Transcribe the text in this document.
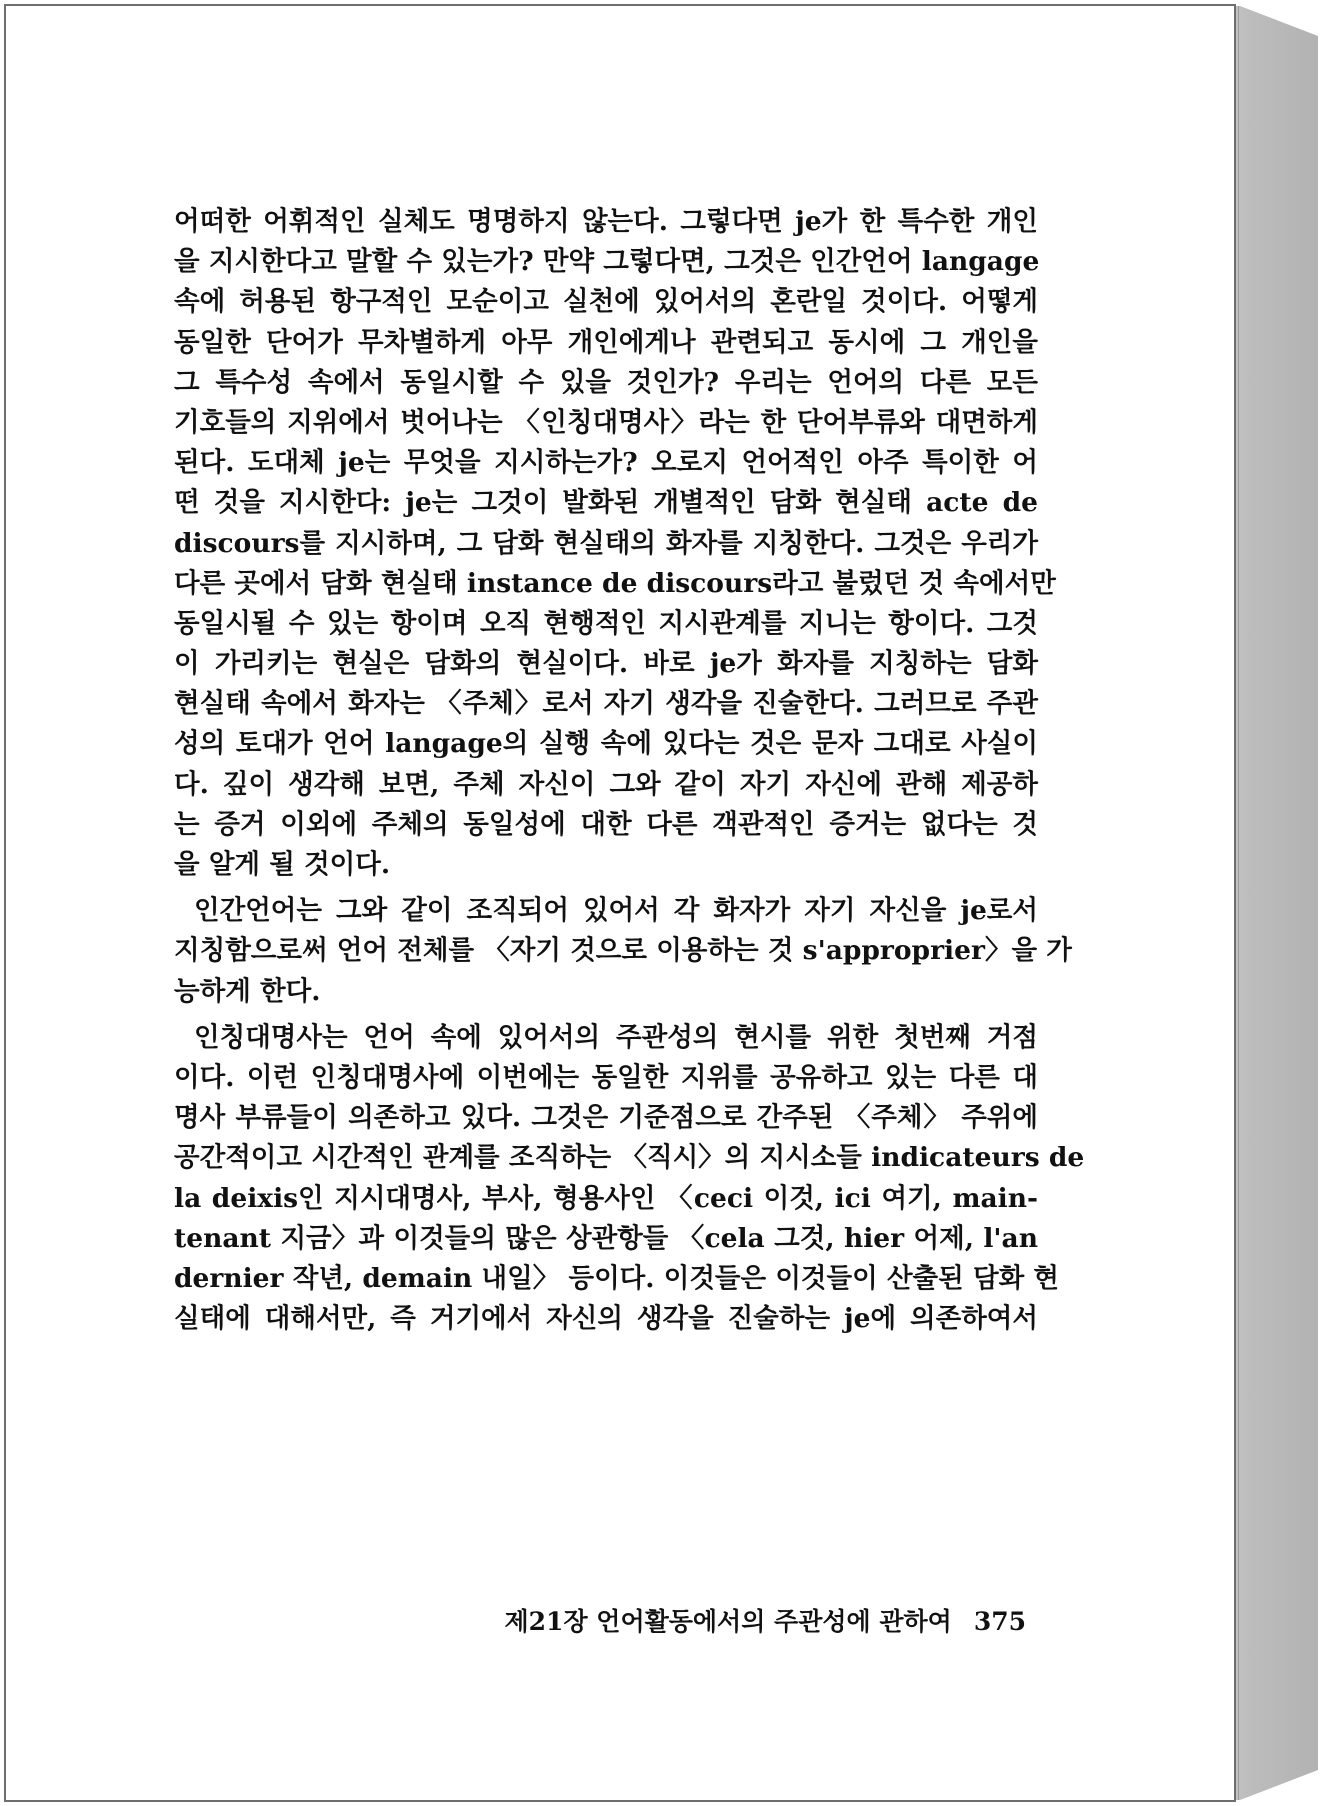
어떠한 어휘적인 실체도 명명하지 않는다. 그렇다면 je가 한 특수한 개인
을 지시한다고 말할 수 있는가? 만약 그렇다면, 그것은 인간언어 langage
속에 허용된 항구적인 모순이고 실천에 있어서의 혼란일 것이다. 어떻게
동일한 단어가 무차별하게 아무 개인에게나 관련되고 동시에 그 개인을
그 특수성 속에서 동일시할 수 있을 것인가? 우리는 언어의 다른 모든
기호들의 지위에서 벗어나는 〈인칭대명사〉라는 한 단어부류와 대면하게
된다. 도대체 je는 무엇을 지시하는가? 오로지 언어적인 아주 특이한 어
떤 것을 지시한다: je는 그것이 발화된 개별적인 담화 현실태 acte de
discours를 지시하며, 그 담화 현실태의 화자를 지칭한다. 그것은 우리가
다른 곳에서 담화 현실태 instance de discours라고 불렀던 것 속에서만
동일시될 수 있는 항이며 오직 현행적인 지시관계를 지니는 항이다. 그것
이 가리키는 현실은 담화의 현실이다. 바로 je가 화자를 지칭하는 담화
현실태 속에서 화자는 〈주체〉로서 자기 생각을 진술한다. 그러므로 주관
성의 토대가 언어 langage의 실행 속에 있다는 것은 문자 그대로 사실이
다. 깊이 생각해 보면, 주체 자신이 그와 같이 자기 자신에 관해 제공하
는 증거 이외에 주체의 동일성에 대한 다른 객관적인 증거는 없다는 것
을 알게 될 것이다.
인간언어는 그와 같이 조직되어 있어서 각 화자가 자기 자신을 je로서
지칭함으로써 언어 전체를 〈자기 것으로 이용하는 것 s'approprier〉을 가
능하게 한다.
인칭대명사는 언어 속에 있어서의 주관성의 현시를 위한 첫번째 거점
이다. 이런 인칭대명사에 이번에는 동일한 지위를 공유하고 있는 다른 대
명사 부류들이 의존하고 있다. 그것은 기준점으로 간주된 〈주체〉 주위에
공간적이고 시간적인 관계를 조직하는 〈직시〉의 지시소들 indicateurs de
la deixis인 지시대명사, 부사, 형용사인 〈ceci 이것, ici 여기, main-
tenant 지금〉과 이것들의 많은 상관항들 〈cela 그것, hier 어제, l'an
dernier 작년, demain 내일〉 등이다. 이것들은 이것들이 산출된 담화 현
실태에 대해서만, 즉 거기에서 자신의 생각을 진술하는 je에 의존하여서
제21장 언어활동에서의 주관성에 관하여 375
